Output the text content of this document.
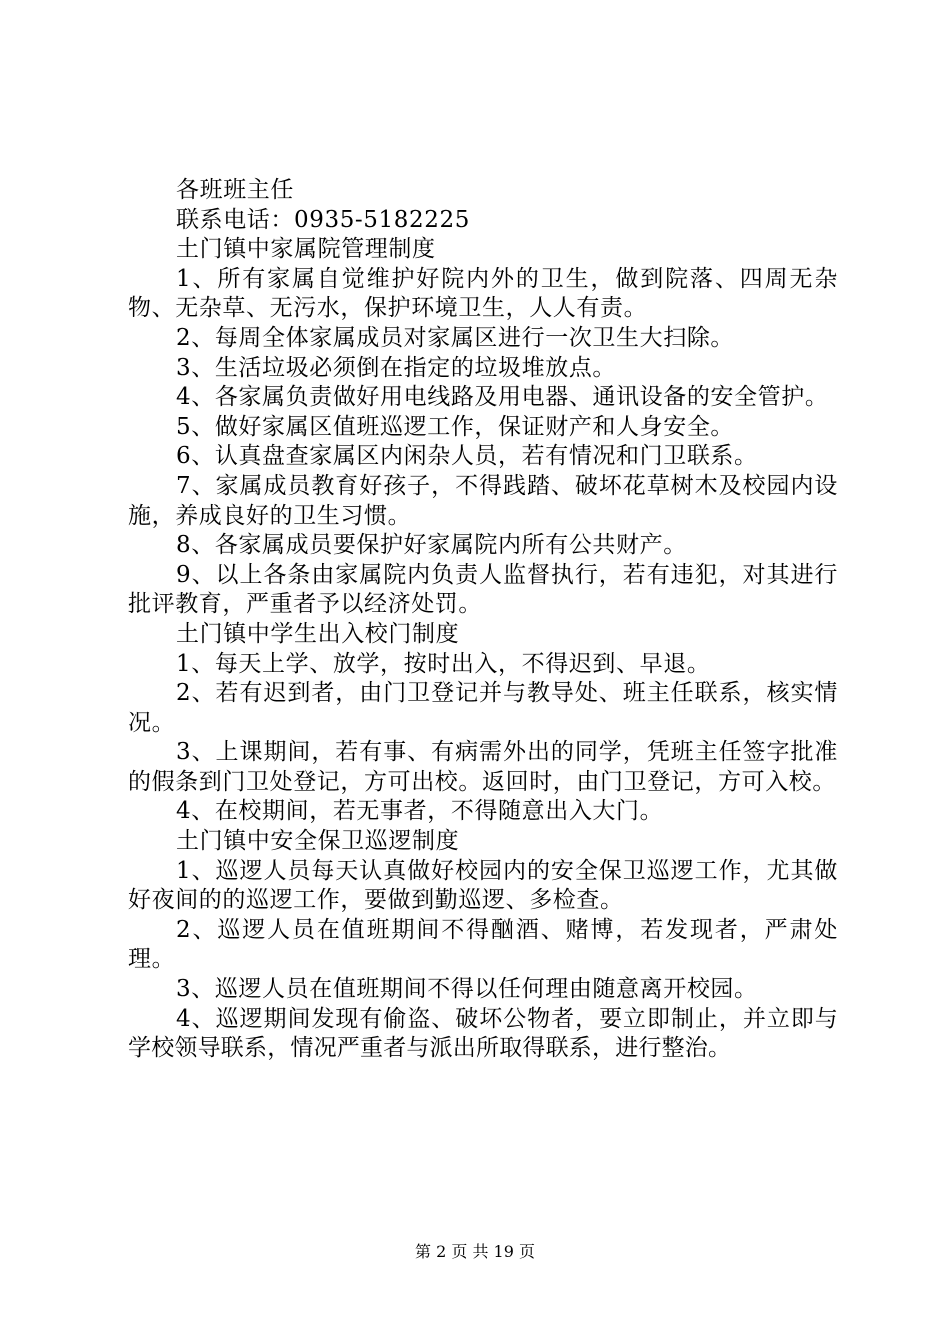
各班班主任

联系电话：0935-5182225

土门镇中家属院管理制度

1、所有家属自觉维护好院内外的卫生，做到院落、四周无杂物、无杂草、无污水，保护环境卫生，人人有责。

2、每周全体家属成员对家属区进行一次卫生大扫除。

3、生活垃圾必须倒在指定的垃圾堆放点。

4、各家属负责做好用电线路及用电器、通讯设备的安全管护。

5、做好家属区值班巡逻工作，保证财产和人身安全。

6、认真盘查家属区内闲杂人员，若有情况和门卫联系。

7、家属成员教育好孩子，不得践踏、破坏花草树木及校园内设施，养成良好的卫生习惯。

8、各家属成员要保护好家属院内所有公共财产。

9、以上各条由家属院内负责人监督执行，若有违犯，对其进行批评教育，严重者予以经济处罚。

土门镇中学生出入校门制度

1、每天上学、放学，按时出入，不得迟到、早退。

2、若有迟到者，由门卫登记并与教导处、班主任联系，核实情况。

3、上课期间，若有事、有病需外出的同学，凭班主任签字批准的假条到门卫处登记，方可出校。返回时，由门卫登记，方可入校。

4、在校期间，若无事者，不得随意出入大门。

土门镇中安全保卫巡逻制度

1、巡逻人员每天认真做好校园内的安全保卫巡逻工作，尤其做好夜间的的巡逻工作，要做到勤巡逻、多检查。

2、巡逻人员在值班期间不得酗酒、赌博，若发现者，严肃处理。

3、巡逻人员在值班期间不得以任何理由随意离开校园。

4、巡逻期间发现有偷盗、破坏公物者，要立即制止，并立即与学校领导联系，情况严重者与派出所取得联系，进行整治。

第 2 页 共 19 页
